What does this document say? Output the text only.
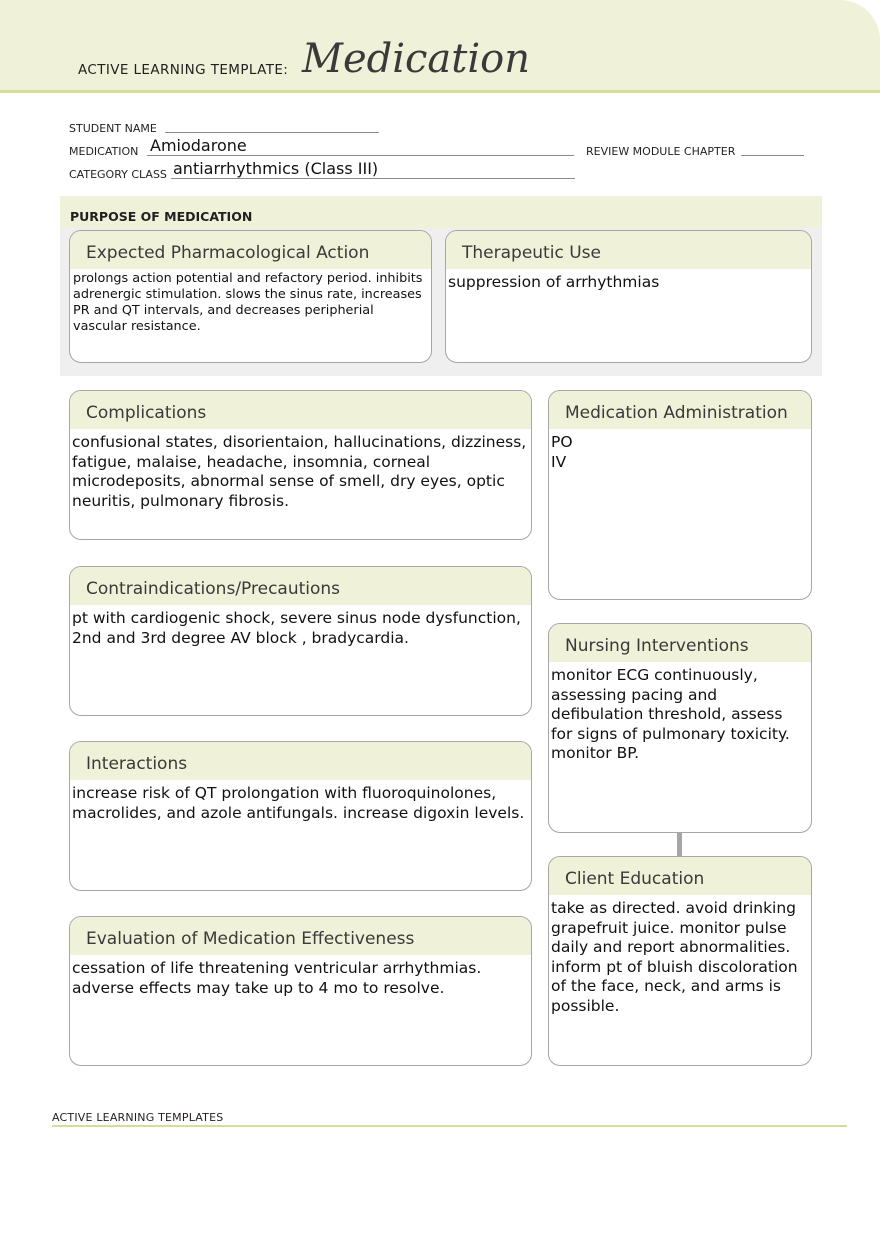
ACTIVE LEARNING TEMPLATE: Medication
STUDENT NAME
MEDICATION Amiodarone	REVIEW MODULE CHAPTER
CATEGORY CLASS antiarrhythmics (Class III)
PURPOSE OF MEDICATION
Expected Pharmacological Action
prolongs action potential and refactory period. inhibits
adrenergic stimulation. slows the sinus rate, increases
PR and QT intervals, and decreases peripherial
vascular resistance.
Therapeutic Use
suppression of arrhythmias
Complications
confusional states, disorientaion, hallucinations, dizziness,
fatigue, malaise, headache, insomnia, corneal
microdeposits, abnormal sense of smell, dry eyes, optic
neuritis, pulmonary fibrosis.
Contraindications/Precautions
pt with cardiogenic shock, severe sinus node dysfunction,
2nd and 3rd degree AV block , bradycardia.
Interactions
increase risk of QT prolongation with fluoroquinolones,
macrolides, and azole antifungals. increase digoxin levels.
Evaluation of Medication Effectiveness
cessation of life threatening ventricular arrhythmias.
adverse effects may take up to 4 mo to resolve.
Medication Administration
PO
IV
Nursing Interventions
monitor ECG continuously,
assessing pacing and
defibulation threshold, assess
for signs of pulmonary toxicity.
monitor BP.
Client Education
take as directed. avoid drinking
grapefruit juice. monitor pulse
daily and report abnormalities.
inform pt of bluish discoloration
of the face, neck, and arms is
possible.
ACTIVE LEARNING TEMPLATES
